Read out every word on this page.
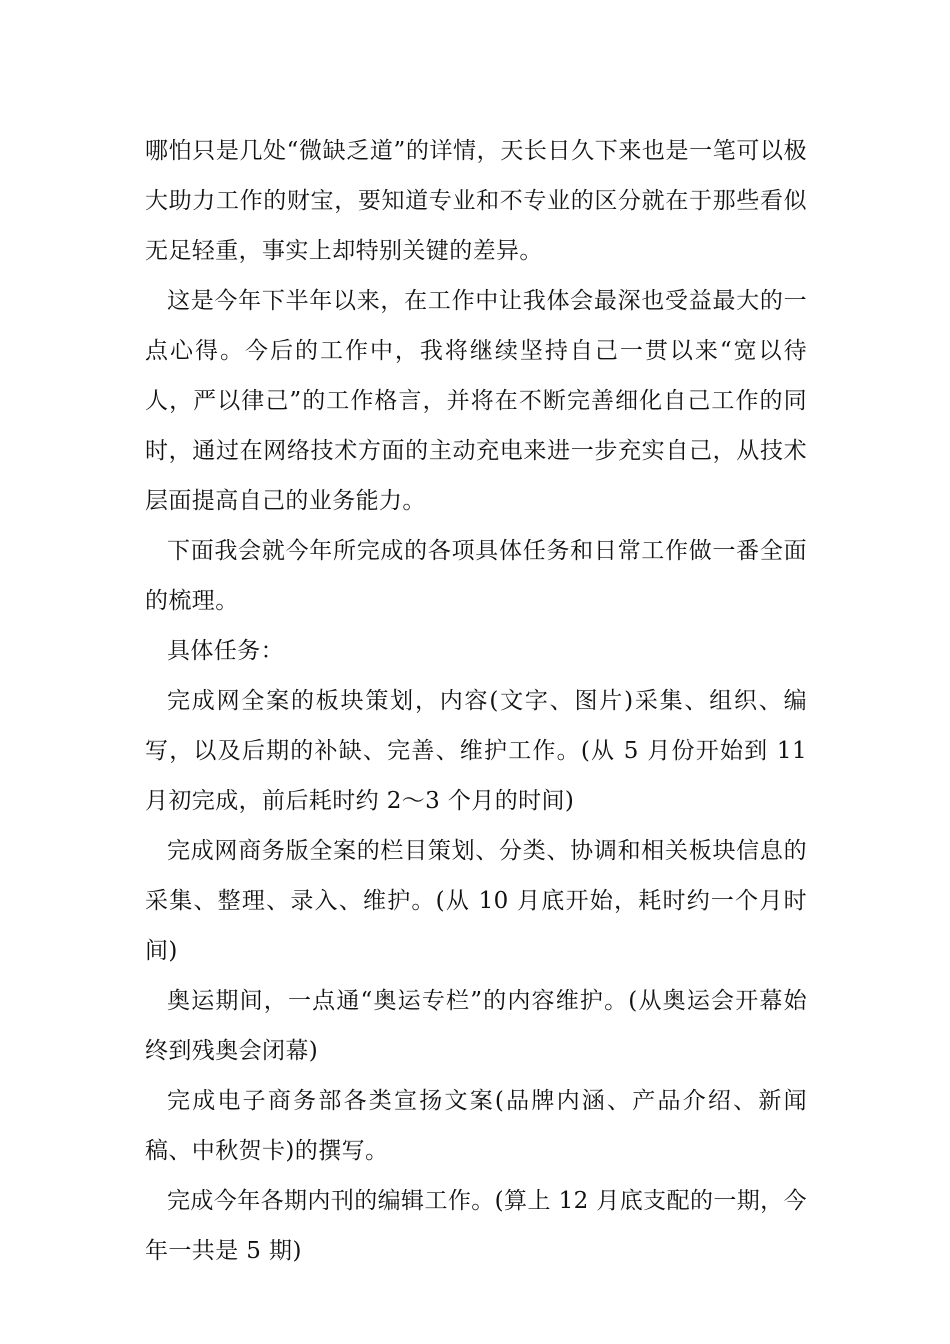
哪怕只是几处“微缺乏道”的详情，天长日久下来也是一笔可以极大助力工作的财宝，要知道专业和不专业的区分就在于那些看似无足轻重，事实上却特别关键的差异。

这是今年下半年以来，在工作中让我体会最深也受益最大的一点心得。今后的工作中，我将继续坚持自己一贯以来“宽以待人，严以律己”的工作格言，并将在不断完善细化自己工作的同时，通过在网络技术方面的主动充电来进一步充实自己，从技术层面提高自己的业务能力。

下面我会就今年所完成的各项具体任务和日常工作做一番全面的梳理。

具体任务：

完成网全案的板块策划，内容(文字、图片)采集、组织、编写，以及后期的补缺、完善、维护工作。(从 5 月份开始到 11 月初完成，前后耗时约 2～3 个月的时间)

完成网商务版全案的栏目策划、分类、协调和相关板块信息的采集、整理、录入、维护。(从 10 月底开始，耗时约一个月时间)

奥运期间，一点通“奥运专栏”的内容维护。(从奥运会开幕始终到残奥会闭幕)

完成电子商务部各类宣扬文案(品牌内涵、产品介绍、新闻稿、中秋贺卡)的撰写。

完成今年各期内刊的编辑工作。(算上 12 月底支配的一期，今年一共是 5 期)
